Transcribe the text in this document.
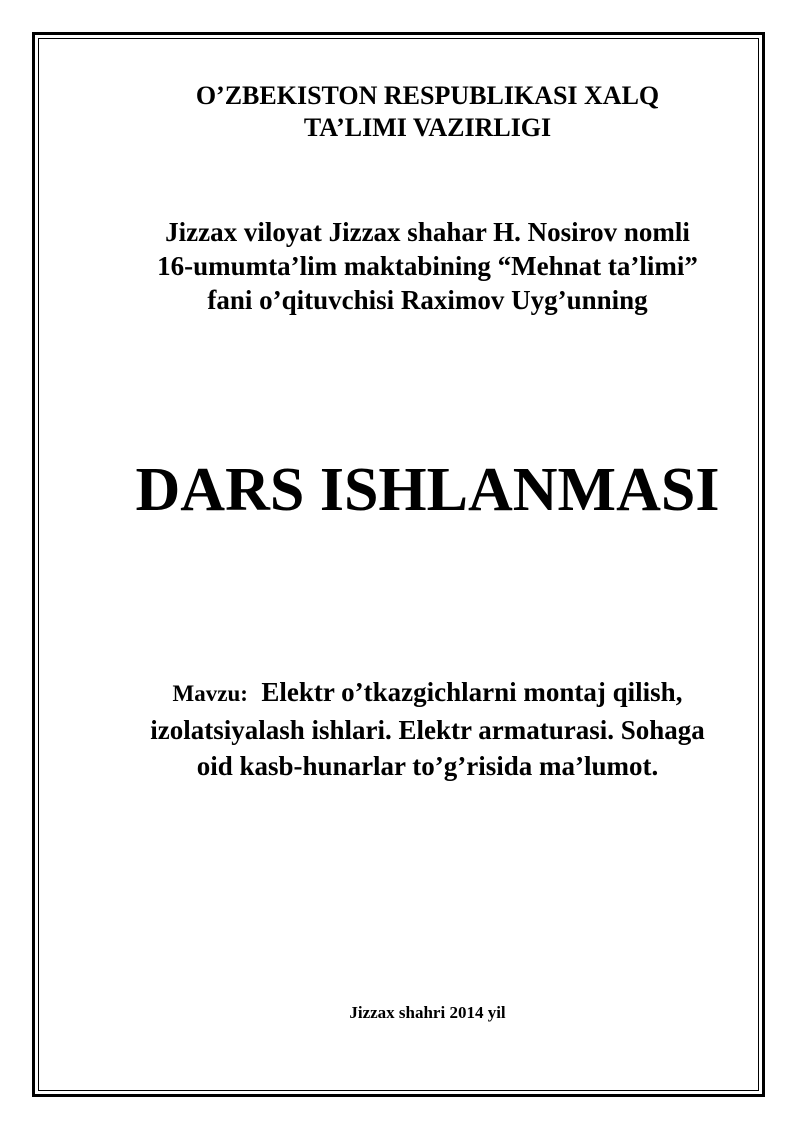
O’ZBEKISTON RESPUBLIKASI XALQ
TA’LIMI VAZIRLIGI
Jizzax viloyat Jizzax shahar H. Nosirov nomli
16-umumta’lim maktabining “Mehnat ta’limi”
fani o’qituvchisi Raximov Uyg’unning
DARS ISHLANMASI
Mavzu: Elektr o’tkazgichlarni montaj qilish,
izolatsiyalash ishlari. Elektr armaturasi. Sohaga
oid kasb-hunarlar to’g’risida ma’lumot.
Jizzax shahri 2014 yil
